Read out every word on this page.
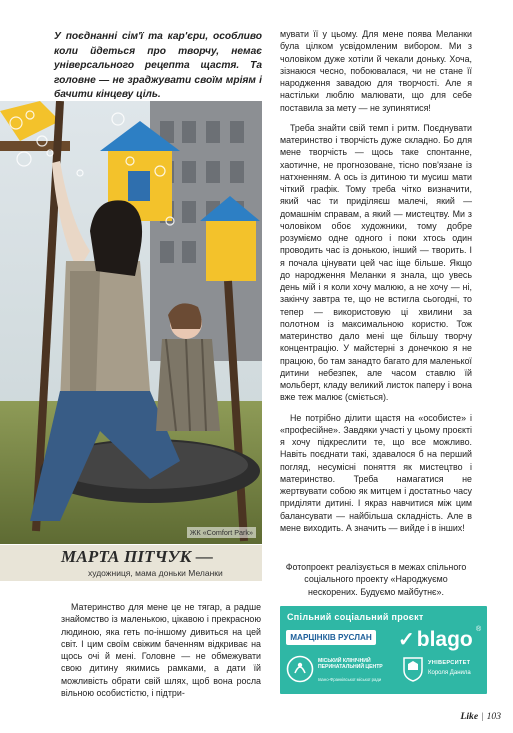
У поєднанні сім'ї та кар'єри, особливо коли йдеться про творчу, немає універсального рецепта щастя. Та головне — не зраджувати своїм мріям і бачити кінцеву ціль.
ЖК «Comfort Park»
МАРТА ПІТЧУК —
художниця, мама доньки Меланки

Материнство для мене це не тягар, а радше знайомство із маленькою, цікавою і прекрасною людиною, яка геть по-іншому дивиться на цей світ. І цим своїм свіжим баченням відкриває на щось очі й мені. Головне — не обмежувати свою дитину якимись рамками, а дати їй можливість обрати свій шлях, щоб вона росла вільною особистістю, і підтри-

мувати її у цьому. Для мене поява Меланки була цілком усвідомленим вибором. Ми з чоловіком дуже хотіли й чекали доньку. Хоча, зізнаюся чесно, побоювалася, чи не стане її народження завадою для творчості. Але я настільки люблю малювати, що для себе поставила за мету — не зупинятися!

Треба знайти свій темп і ритм. Поєднувати материнство і творчість дуже складно. Бо для мене творчість — щось таке спонтанне, хаотичне, не прогнозоване, тісно пов'язане із натхненням. А ось із дитиною ти мусиш мати чіткий графік. Тому треба чітко визначити, який час ти приділяєш малечі, який — домашнім справам, а який — мистецтву. Ми з чоловіком обоє художники, тому добре розуміємо одне одного і поки хтось один проводить час із донькою, інший — творить. І я почала цінувати цей час іще більше. Якщо до народження Меланки я знала, що увесь день мій і я коли хочу малюю, а не хочу — ні, закінчу завтра те, що не встигла сьогодні, то тепер — використовую ці хвилини за полотном із максимальною користю. Тож материнство дало мені ще більшу творчу концентрацію. У майстерні з донечкою я не працюю, бо там занадто багато для маленької дитини небезпек, але часом ставлю їй мольберт, кладу великий листок паперу і вона вже теж малює (сміється).

Не потрібно ділити щастя на «особисте» і «професійне». Завдяки участі у цьому проєкті я хочу підкреслити те, що все можливо. Навіть поєднати такі, здавалося б на перший погляд, несумісні поняття як мистецтво і материнство. Треба намагатися не жертвувати собою як митцем і достатньо часу приділяти дитині. І якраз навчитися між цим балансувати — найбільша складність. Але в мене виходить. А значить — вийде і в інших!

Фотопроект реалізується в межах спільного соціального проекту «Народжуємо нескорених. Будуємо майбутнє».
Спільний соціальний проєкт
МАРЦІНКІВ РУСЛАН ✓blago ®
МІСЬКИЙ КЛІНІЧНИЙ ПЕРИНАТАЛЬНИЙ ЦЕНТР
Івано-Франківської міської ради
УНІВЕРСИТЕТ
Короля Данила
Like | 103
